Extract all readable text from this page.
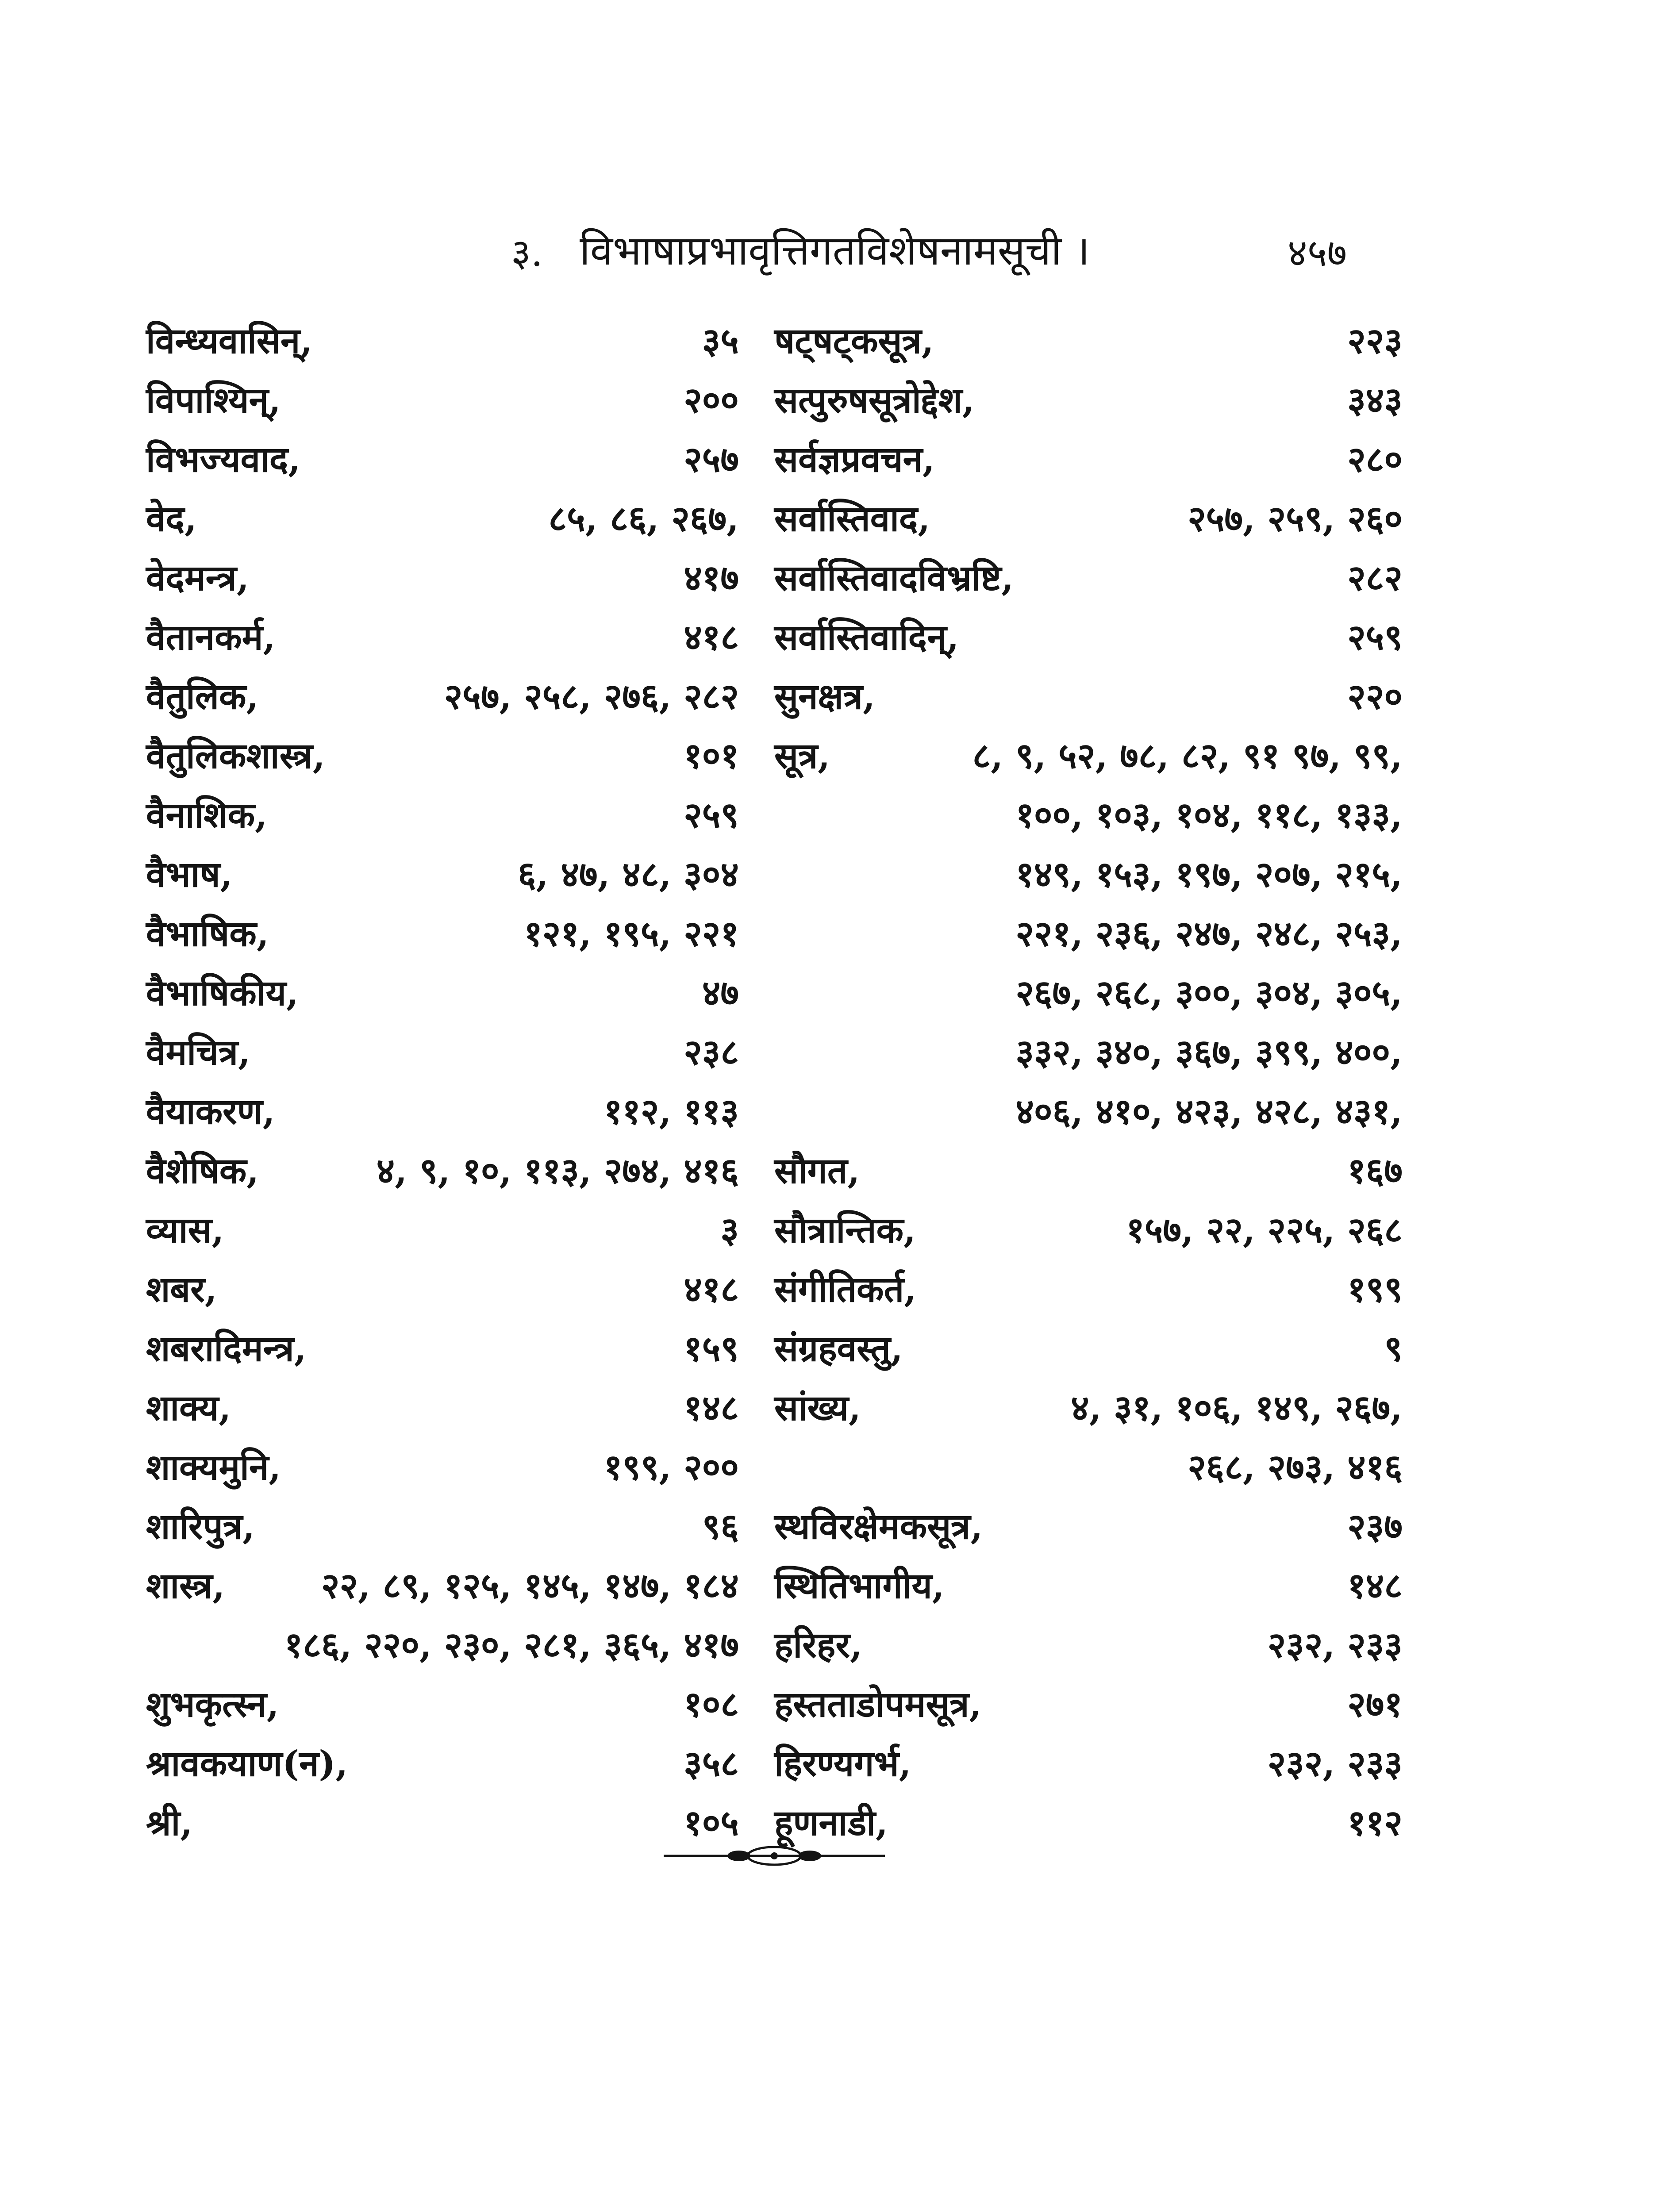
३. विभाषाप्रभावृत्तिगतविशेषनामसूची ।	४५७
विन्ध्यवासिन्,	३५
विपाश्यिन्,	२००
विभज्यवाद,	२५७
वेद,	८५, ८६, २६७,
वेदमन्त्र,	४१७
वैतानकर्म,	४१८
वैतुलिक,	२५७, २५८, २७६, २८२
वैतुलिकशास्त्र,	१०१
वैनाशिक,	२५९
वैभाष,	६, ४७, ४८, ३०४
वैभाषिक,	१२१, १९५, २२१
वैभाषिकीय,	४७
वैमचित्र,	२३८
वैयाकरण,	११२, ११३
वैशेषिक,	४, ९, १०, ११३, २७४, ४१६
व्यास,	३
शबर,	४१८
शबरादिमन्त्र,	१५९
शाक्य,	१४८
शाक्यमुनि,	१९९, २००
शारिपुत्र,	९६
शास्त्र,	२२, ८९, १२५, १४५, १४७, १८४
१८६, २२०, २३०, २८१, ३६५, ४१७
शुभकृत्स्न,	१०८
श्रावकयाण(न),	३५८
श्री,	१०५
षट्षट्कसूत्र,	२२३
सत्पुरुषसूत्रोद्देश,	३४३
सर्वज्ञप्रवचन,	२८०
सर्वास्तिवाद,	२५७, २५९, २६०
सर्वास्तिवादविभ्रष्टि,	२८२
सर्वास्तिवादिन्,	२५९
सुनक्षत्र,	२२०
सूत्र,	८, ९, ५२, ७८, ८२, ९१ ९७, ९९,
१००, १०३, १०४, ११८, १३३,
१४९, १५३, १९७, २०७, २१५,
२२१, २३६, २४७, २४८, २५३,
२६७, २६८, ३००, ३०४, ३०५,
३३२, ३४०, ३६७, ३९९, ४००,
४०६, ४१०, ४२३, ४२८, ४३१,
सौगत,	१६७
सौत्रान्तिक,	१५७, २२, २२५, २६८
संगीतिकर्त,	१९९
संग्रहवस्तु,	९
सांख्य,	४, ३१, १०६, १४९, २६७,
२६८, २७३, ४१६
स्थविरक्षेमकसूत्र,	२३७
स्थितिभागीय,	१४८
हरिहर,	२३२, २३३
हस्तताडोपमसूत्र,	२७१
हिरण्यगर्भ,	२३२, २३३
हूणनाडी,	११२
